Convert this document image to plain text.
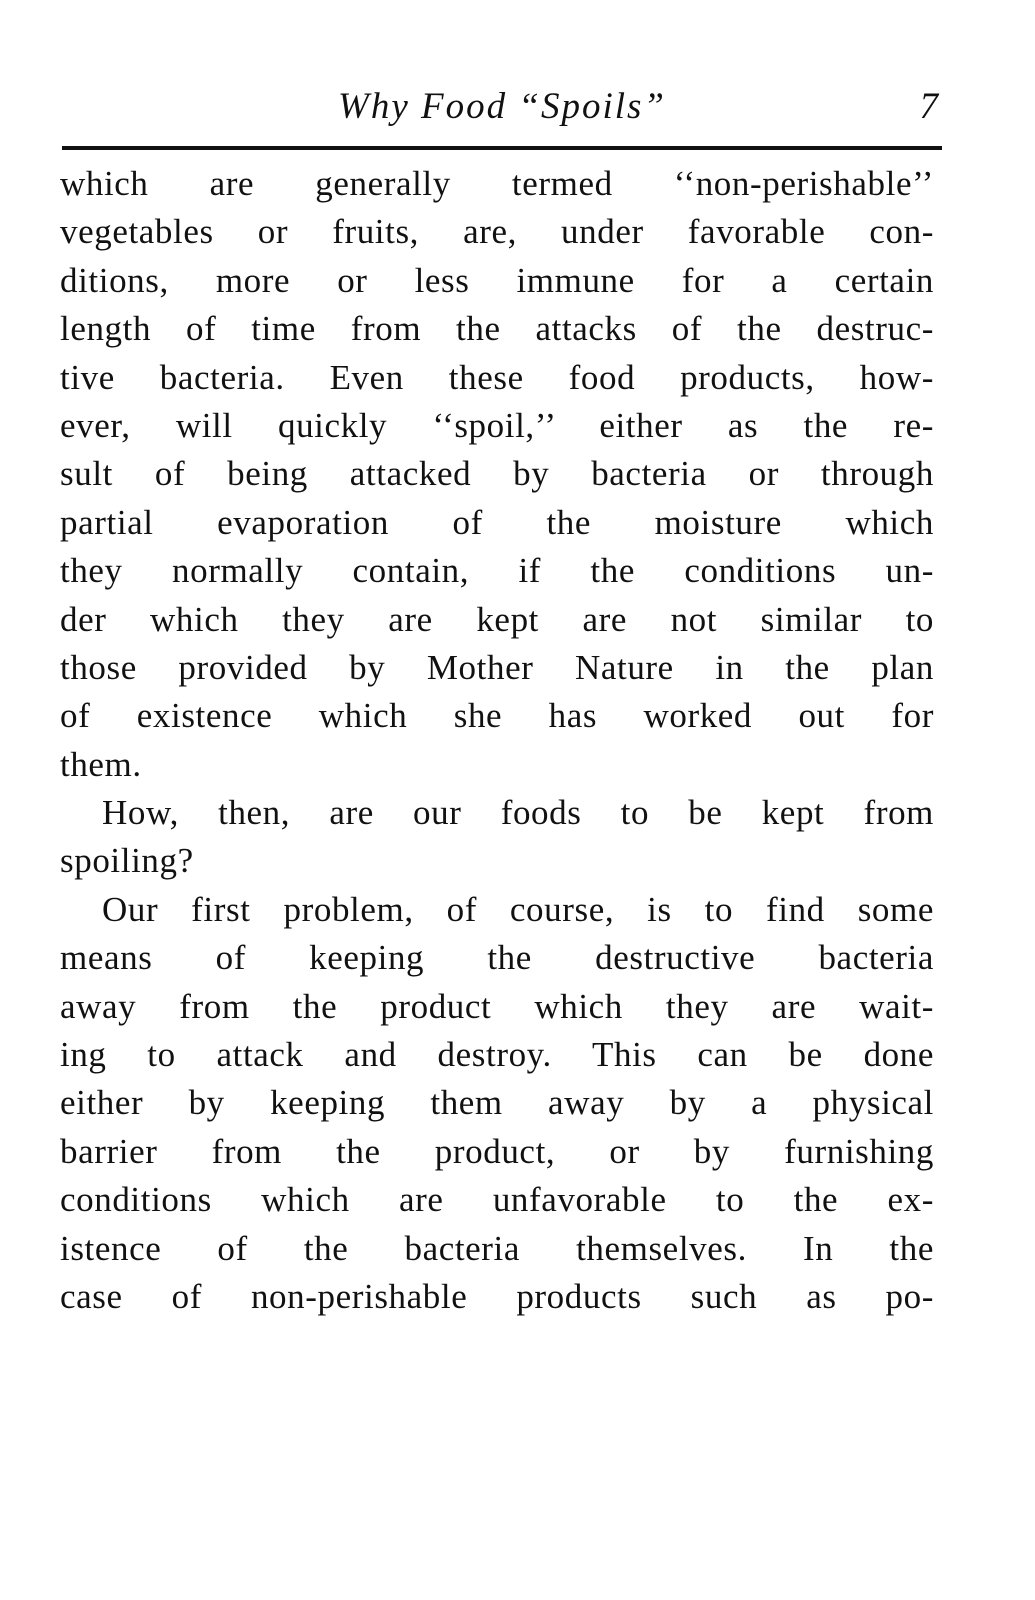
Why Food “Spoils”	7
which are generally termed ‘‘non-perishable’’
vegetables or fruits, are, under favorable con-
ditions, more or less immune for a certain
length of time from the attacks of the destruc-
tive bacteria. Even these food products, how-
ever, will quickly ‘‘spoil,’’ either as the re-
sult of being attacked by bacteria or through
partial evaporation of the moisture which
they normally contain, if the conditions un-
der which they are kept are not similar to
those provided by Mother Nature in the plan
of existence which she has worked out for
them.
How, then, are our foods to be kept from
spoiling?
Our first problem, of course, is to find some
means of keeping the destructive bacteria
away from the product which they are wait-
ing to attack and destroy. This can be done
either by keeping them away by a physical
barrier from the product, or by furnishing
conditions which are unfavorable to the ex-
istence of the bacteria themselves. In the
case of non-perishable products such as po-
